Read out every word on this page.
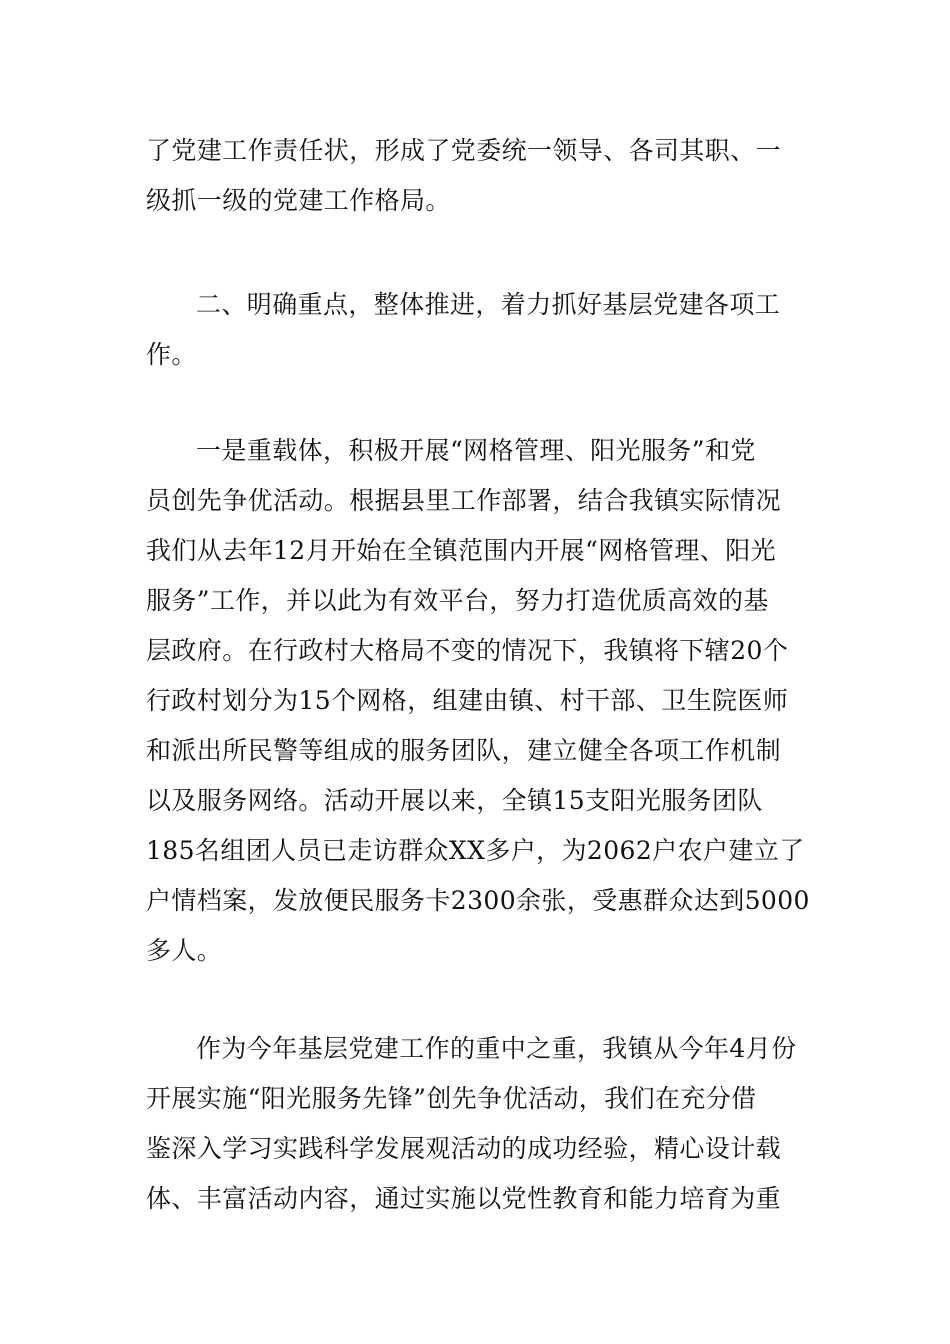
了党建工作责任状，形成了党委统一领导、各司其职、一
级抓一级的党建工作格局。
二、明确重点，整体推进，着力抓好基层党建各项工
作。
一是重载体，积极开展“网格管理、阳光服务”和党
员创先争优活动。根据县里工作部署，结合我镇实际情况
我们从去年12月开始在全镇范围内开展“网格管理、阳光
服务”工作，并以此为有效平台，努力打造优质高效的基
层政府。在行政村大格局不变的情况下，我镇将下辖20个
行政村划分为15个网格，组建由镇、村干部、卫生院医师
和派出所民警等组成的服务团队，建立健全各项工作机制
以及服务网络。活动开展以来，全镇15支阳光服务团队
185名组团人员已走访群众XX多户，为2062户农户建立了
户情档案，发放便民服务卡2300余张，受惠群众达到5000
多人。
作为今年基层党建工作的重中之重，我镇从今年4月份
开展实施“阳光服务先锋”创先争优活动，我们在充分借
鉴深入学习实践科学发展观活动的成功经验，精心设计载
体、丰富活动内容，通过实施以党性教育和能力培育为重
